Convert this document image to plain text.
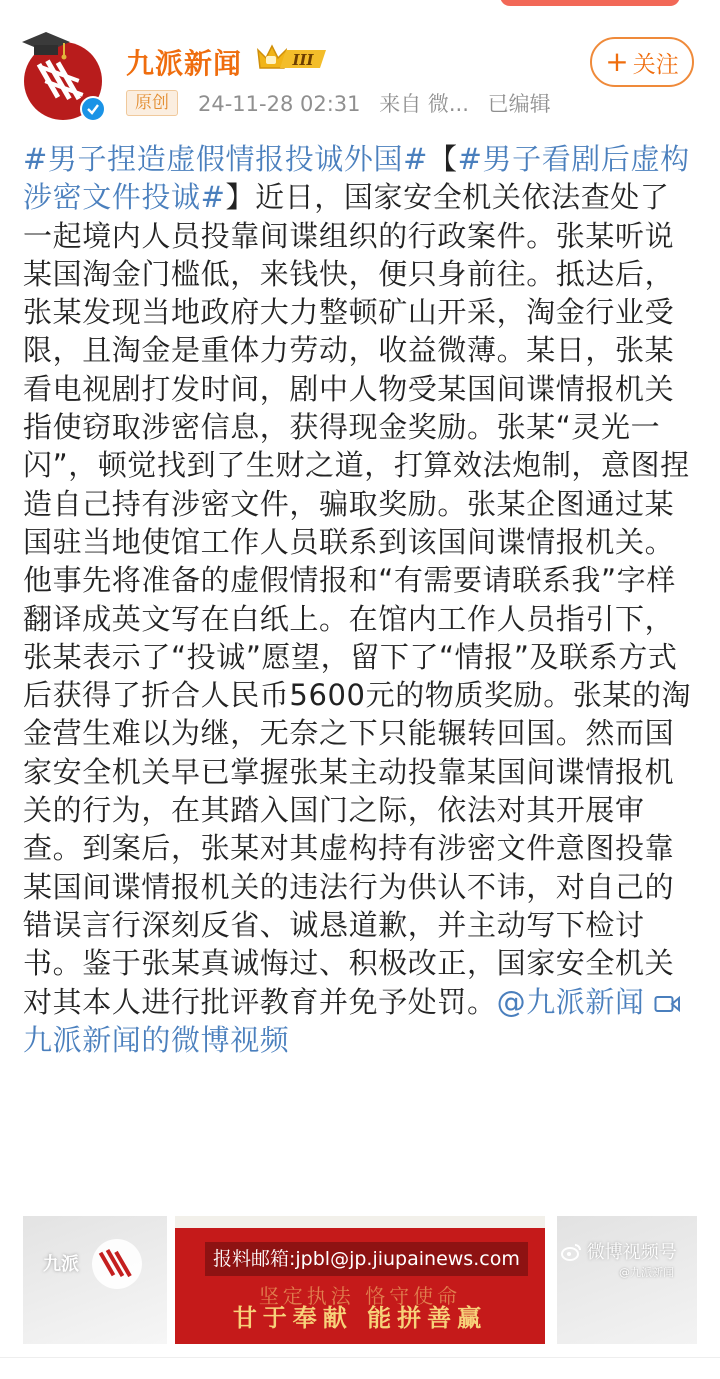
九派新闻	III
原创	24-11-28 02:31 来自 微... 已编辑
+ 关注
#男子捏造虚假情报投诚外国#【#男子看剧后虚构涉密文件投诚#】近日，国家安全机关依法查处了一起境内人员投靠间谍组织的行政案件。张某听说某国淘金门槛低，来钱快，便只身前往。抵达后，张某发现当地政府大力整顿矿山开采，淘金行业受限，且淘金是重体力劳动，收益微薄。某日，张某看电视剧打发时间，剧中人物受某国间谍情报机关指使窃取涉密信息，获得现金奖励。张某“灵光一闪”，顿觉找到了生财之道，打算效法炮制，意图捏造自己持有涉密文件，骗取奖励。张某企图通过某国驻当地使馆工作人员联系到该国间谍情报机关。他事先将准备的虚假情报和“有需要请联系我”字样翻译成英文写在白纸上。在馆内工作人员指引下，张某表示了“投诚”愿望，留下了“情报”及联系方式后获得了折合人民币5600元的物质奖励。张某的淘金营生难以为继，无奈之下只能辗转回国。然而国家安全机关早已掌握张某主动投靠某国间谍情报机关的行为，在其踏入国门之际，依法对其开展审查。到案后，张某对其虚构持有涉密文件意图投靠某国间谍情报机关的违法行为供认不讳，对自己的错误言行深刻反省、诚恳道歉，并主动写下检讨书。鉴于张某真诚悔过、积极改正，国家安全机关对其本人进行批评教育并免予处罚。@九派新闻 九派新闻的微博视频
九派	报料邮箱:jpbl@jp.jiupainews.com
坚定执法 恪守使命
甘于奉献 能拼善赢
微博视频号
@九派新闻
